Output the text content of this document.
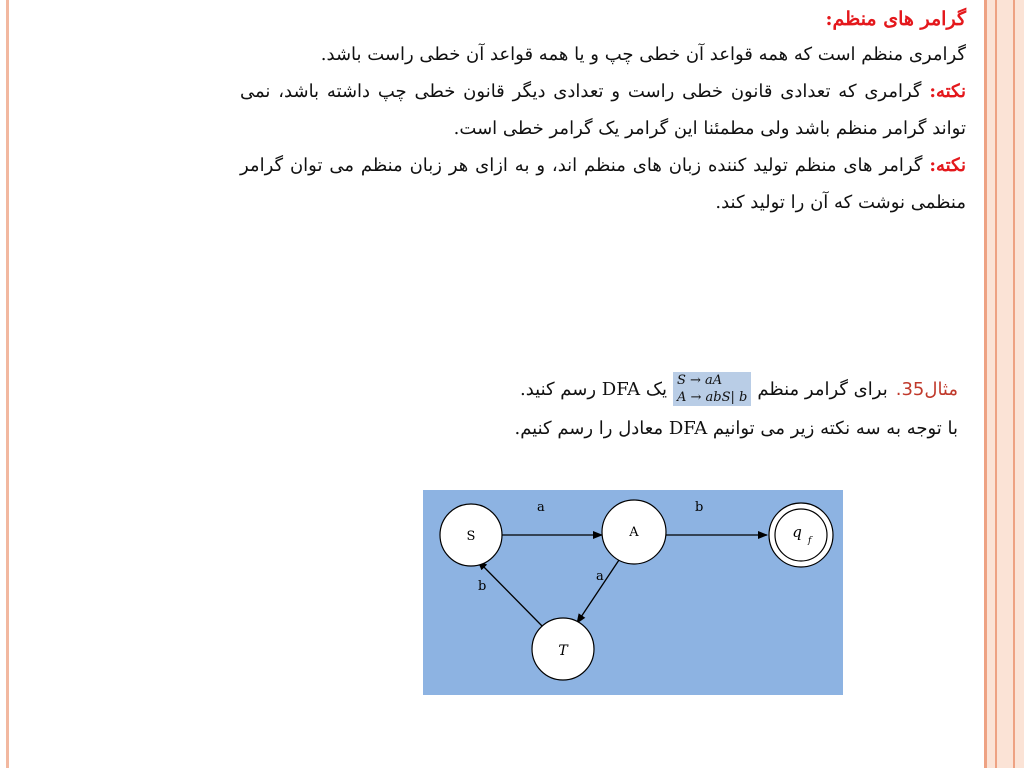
گرامر های منظم:

گرامری منظم است که همه قواعد آن خطی چپ و یا همه قواعد آن خطی راست باشد.

نکته: گرامری که تعدادی قانون خطی راست و تعدادی دیگر قانون خطی چپ داشته باشد، نمی تواند گرامر منظم باشد ولی مطمئنا این گرامر یک گرامر خطی است.

نکته: گرامر های منظم تولید کننده زبان های منظم اند، و به ازای هر زبان منظم می توان گرامر منظمی نوشت که آن را تولید کند.

مثال35.
برای گرامر منظم
S → aA
A → abS| b
یک DFA رسم کنید.
با توجه به سه نکته زیر می توانیم DFA معادل را رسم کنیم.
a	b
a
b
S	A	q f
T
